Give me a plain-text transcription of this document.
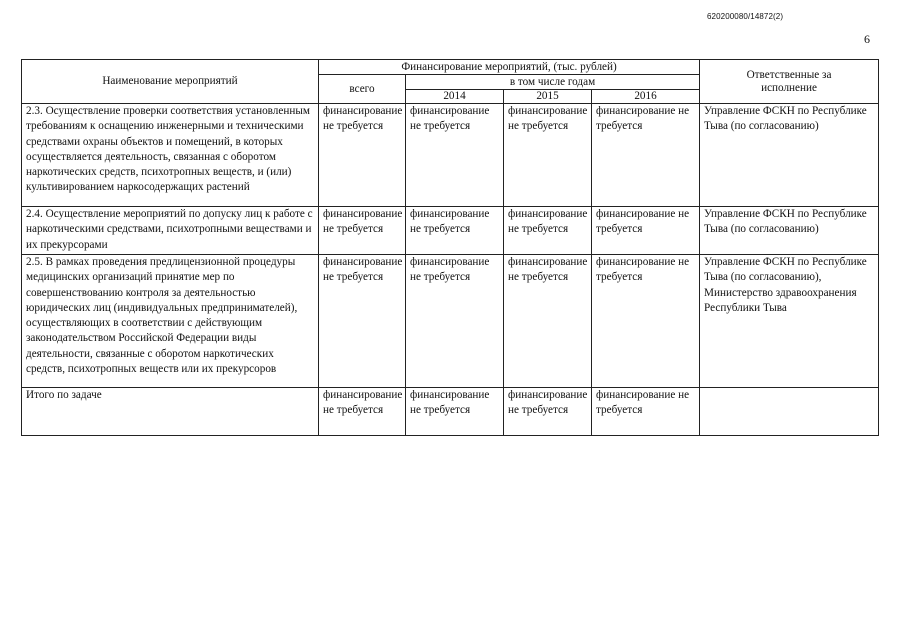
620200080/14872(2)
6
Наименование мероприятий	Финансирование мероприятий, (тыс. рублей)				Ответственные за исполнение

	всего	в том числе годам			
		2014	2015	2016	
2.3. Осуществление проверки соответствия установленным требованиям к оснащению инженерными и техническими средствами охраны объектов и помещений, в которых осуществляется деятельность, связанная с оборотом наркотических средств, психотропных веществ, и (или) культивированием наркосодержащих растений	финансирование не требуется	финансирование не требуется	финансирование не требуется	финансирование не требуется	Управление ФСКН по Республике Тыва (по согласованию)
2.4. Осуществление мероприятий по допуску лиц к работе с наркотическими средствами, психотропными веществами и их прекурсорами	финансирование не требуется	финансирование не требуется	финансирование не требуется	финансирование не требуется	Управление ФСКН по Республике Тыва (по согласованию)
2.5. В рамках проведения предлицензионной процедуры медицинских организаций принятие мер по совершенствованию контроля за деятельностью юридических лиц (индивидуальных предпринимателей), осуществляющих в соответствии с действующим законодательством Российской Федерации виды деятельности, связанные с оборотом наркотических средств, психотропных веществ или их прекурсоров	финансирование не требуется	финансирование не требуется	финансирование не требуется	финансирование не требуется	Управление ФСКН по Республике Тыва (по согласованию), Министерство здравоохранения Республики Тыва
Итого по задаче	финансирование не требуется	финансирование не требуется	финансирование не требуется	финансирование не требуется	
